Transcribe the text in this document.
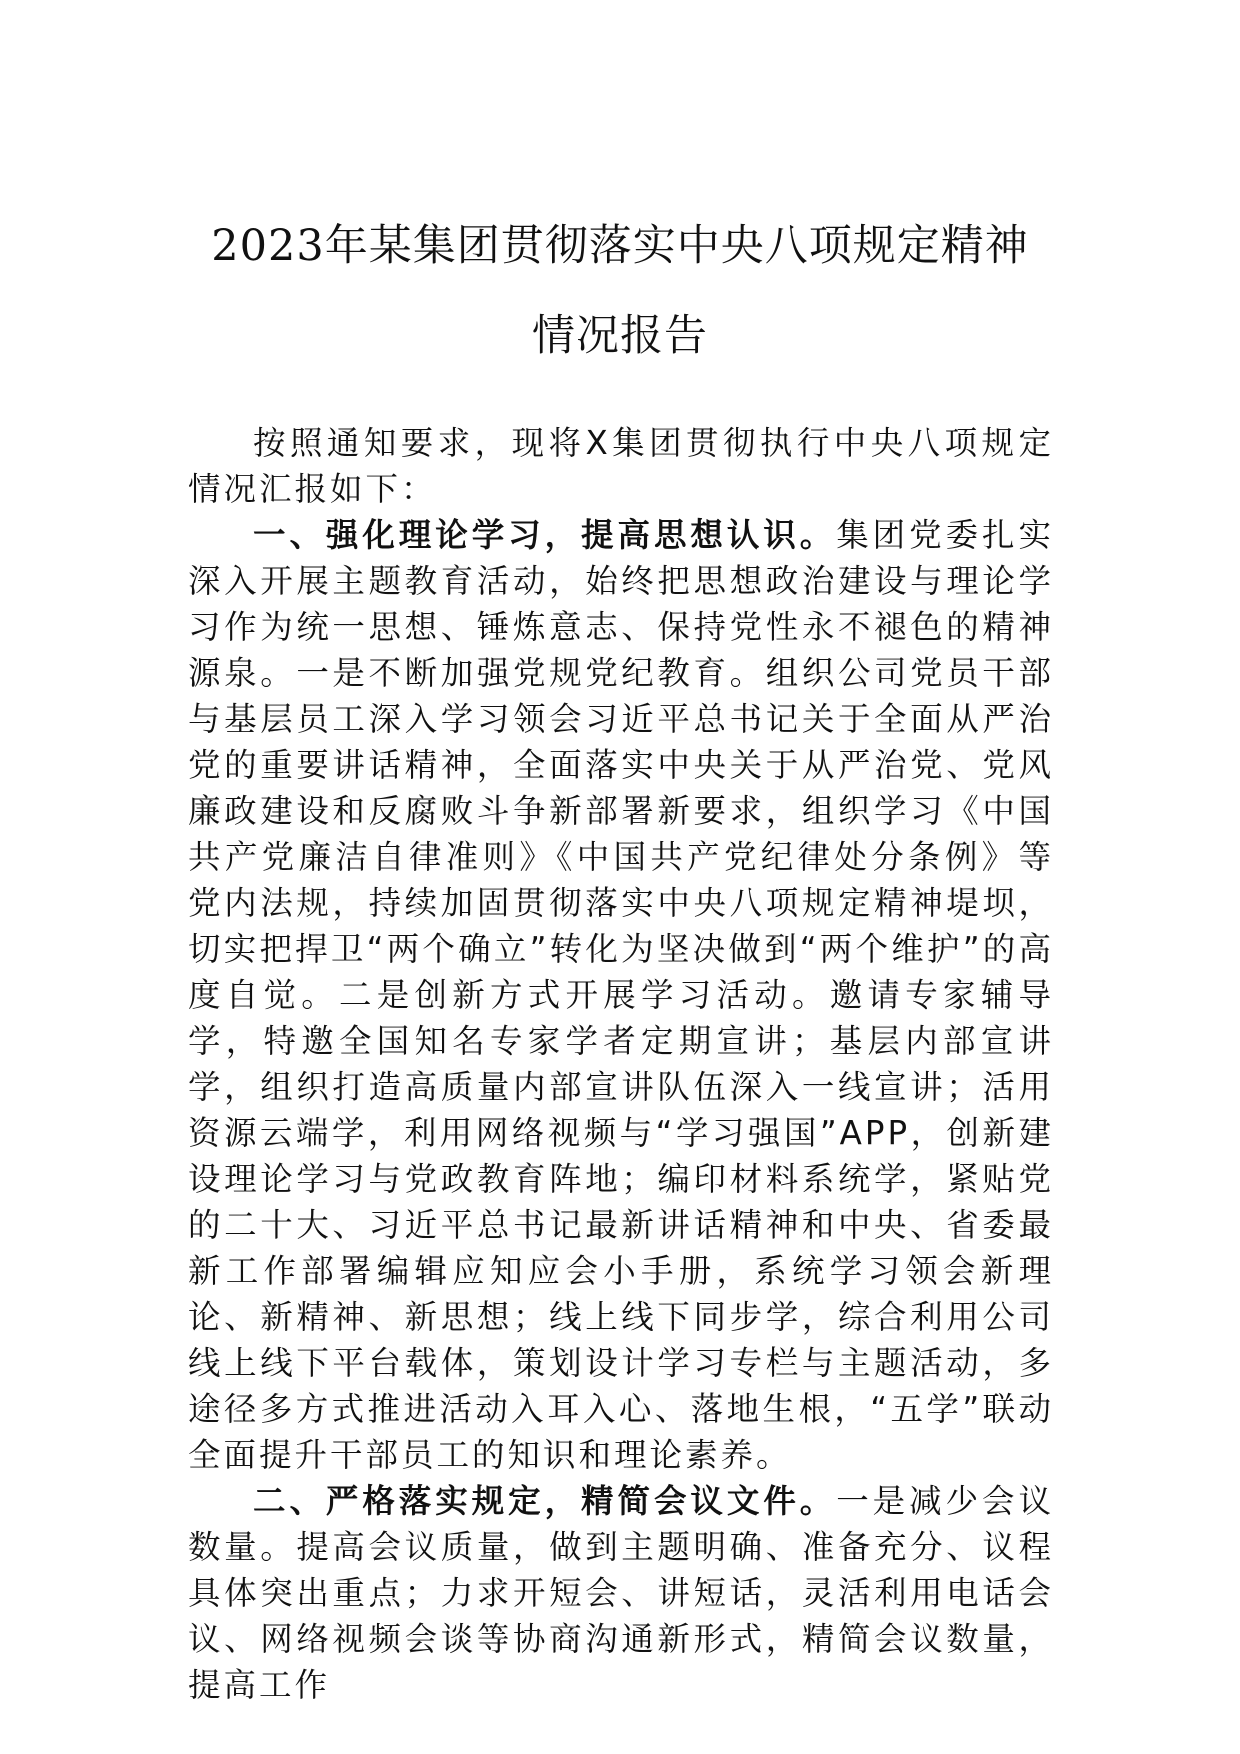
2023年某集团贯彻落实中央八项规定精神
情况报告

按照通知要求，现将X集团贯彻执行中央八项规定情况汇报如下：

一、强化理论学习，提高思想认识。集团党委扎实深入开展主题教育活动，始终把思想政治建设与理论学习作为统一思想、锤炼意志、保持党性永不褪色的精神源泉。一是不断加强党规党纪教育。组织公司党员干部与基层员工深入学习领会习近平总书记关于全面从严治党的重要讲话精神，全面落实中央关于从严治党、党风廉政建设和反腐败斗争新部署新要求，组织学习《中国共产党廉洁自律准则》《中国共产党纪律处分条例》等党内法规，持续加固贯彻落实中央八项规定精神堤坝，切实把捍卫“两个确立”转化为坚决做到“两个维护”的高度自觉。二是创新方式开展学习活动。邀请专家辅导学，特邀全国知名专家学者定期宣讲；基层内部宣讲学，组织打造高质量内部宣讲队伍深入一线宣讲；活用资源云端学，利用网络视频与“学习强国”APP，创新建设理论学习与党政教育阵地；编印材料系统学，紧贴党的二十大、习近平总书记最新讲话精神和中央、省委最新工作部署编辑应知应会小手册，系统学习领会新理论、新精神、新思想；线上线下同步学，综合利用公司线上线下平台载体，策划设计学习专栏与主题活动，多途径多方式推进活动入耳入心、落地生根，“五学”联动全面提升干部员工的知识和理论素养。

二、严格落实规定，精简会议文件。一是减少会议数量。提高会议质量，做到主题明确、准备充分、议程具体突出重点；力求开短会、讲短话，灵活利用电话会议、网络视频会谈等协商沟通新形式，精简会议数量，提高工作
